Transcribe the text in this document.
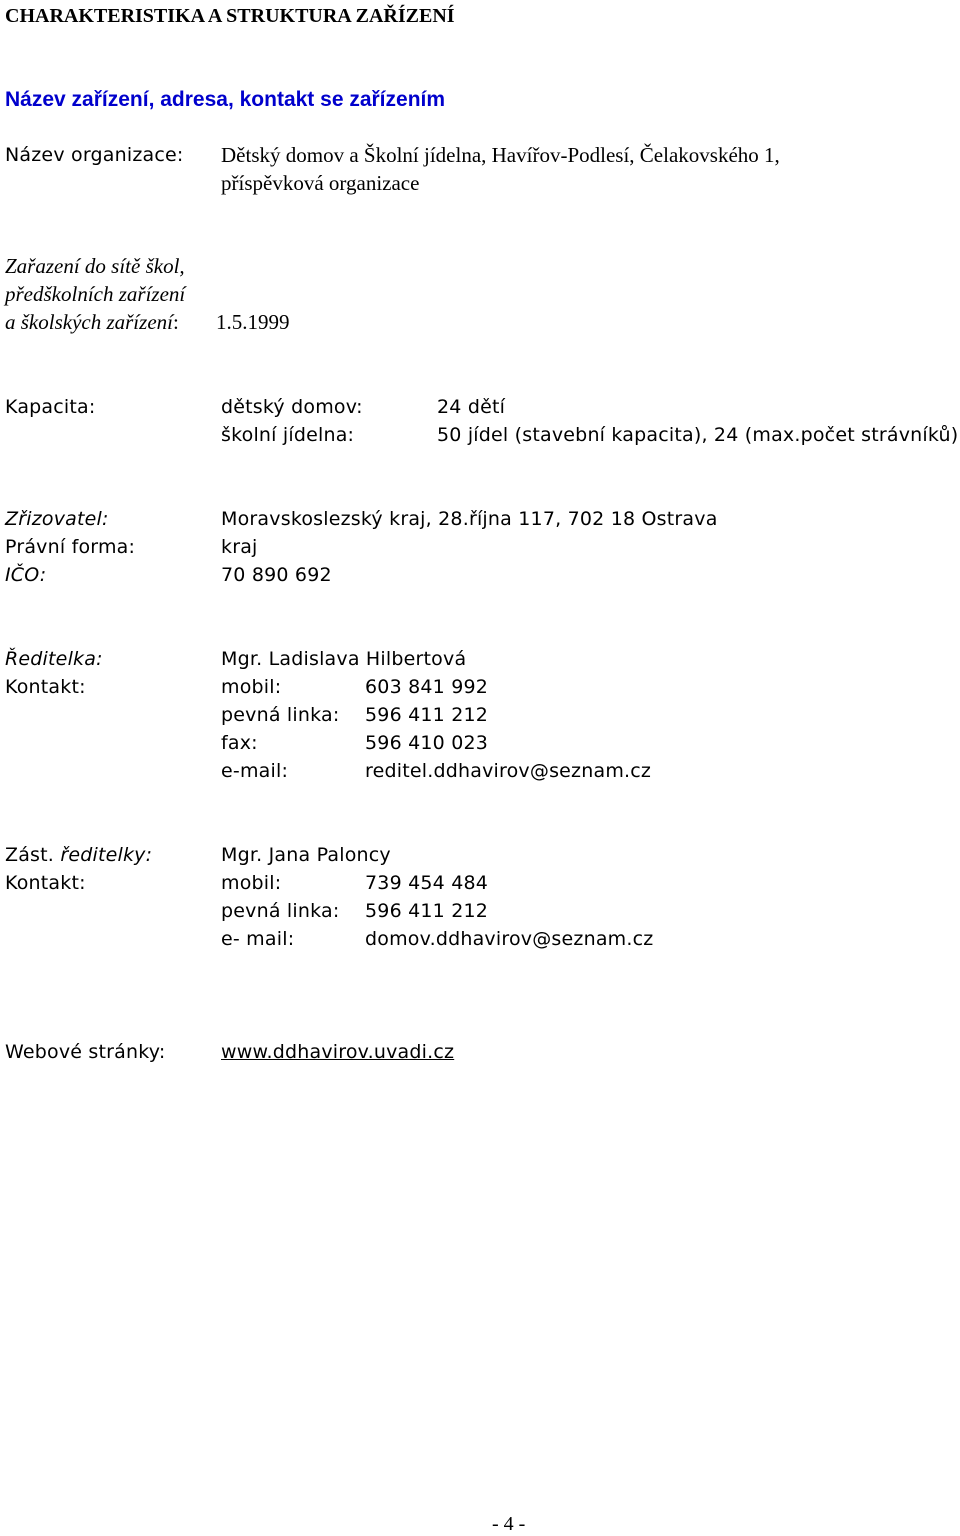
CHARAKTERISTIKA A STRUKTURA ZAŘÍZENÍ
Název zařízení, adresa, kontakt se zařízením
Název organizace: Dětský domov a Školní jídelna, Havířov-Podlesí, Čelakovského 1,
příspěvková organizace
Zařazení do sítě škol,
předškolních zařízení
a školských zařízení: 1.5.1999
Kapacita:	dětský domov:	24 dětí
školní jídelna:	50 jídel (stavební kapacita), 24 (max.počet strávníků)
Zřizovatel:	Moravskoslezský kraj, 28.října 117, 702 18 Ostrava
Právní forma:	kraj
IČO:	70 890 692
Ředitelka:	Mgr. Ladislava Hilbertová
Kontakt:	mobil:	603 841 992
pevná linka: 596 411 212
fax:	596 410 023
e-mail:	reditel.ddhavirov@seznam.cz
Zást. ředitelky:	Mgr. Jana Paloncy
Kontakt:	mobil:	739 454 484
pevná linka: 596 411 212
e- mail:	domov.ddhavirov@seznam.cz
Webové stránky:	www.ddhavirov.uvadi.cz
- 4 -
